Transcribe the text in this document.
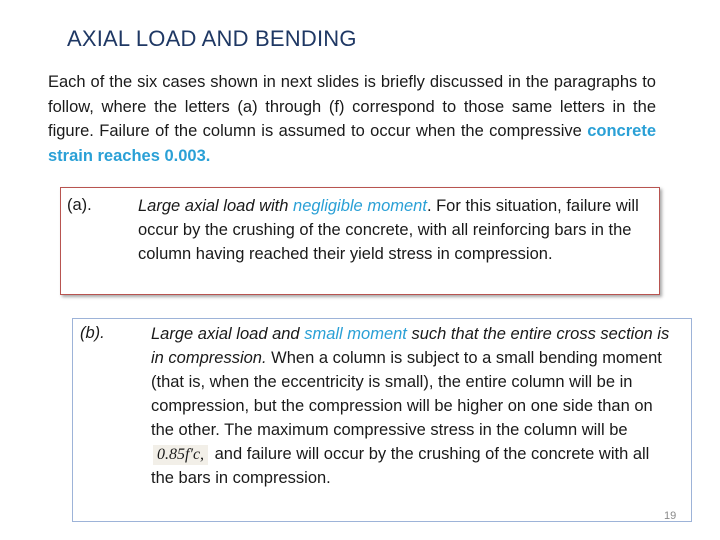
AXIAL LOAD AND BENDING
Each of the six cases shown in next slides is briefly discussed in the paragraphs to follow, where the letters (a) through (f) correspond to those same letters in the figure. Failure of the column is assumed to occur when the compressive concrete strain reaches 0.003.
(a).	Large axial load with negligible moment. For this situation, failure will occur by the crushing of the concrete, with all reinforcing bars in the column having reached their yield stress in compression.
(b).	Large axial load and small moment such that the entire cross section is in compression. When a column is subject to a small bending moment (that is, when the eccentricity is small), the entire column will be in compression, but the compression will be higher on one side than on the other. The maximum compressive stress in the column will be 0.85f′c, and failure will occur by the crushing of the concrete with all the bars in compression.
19
